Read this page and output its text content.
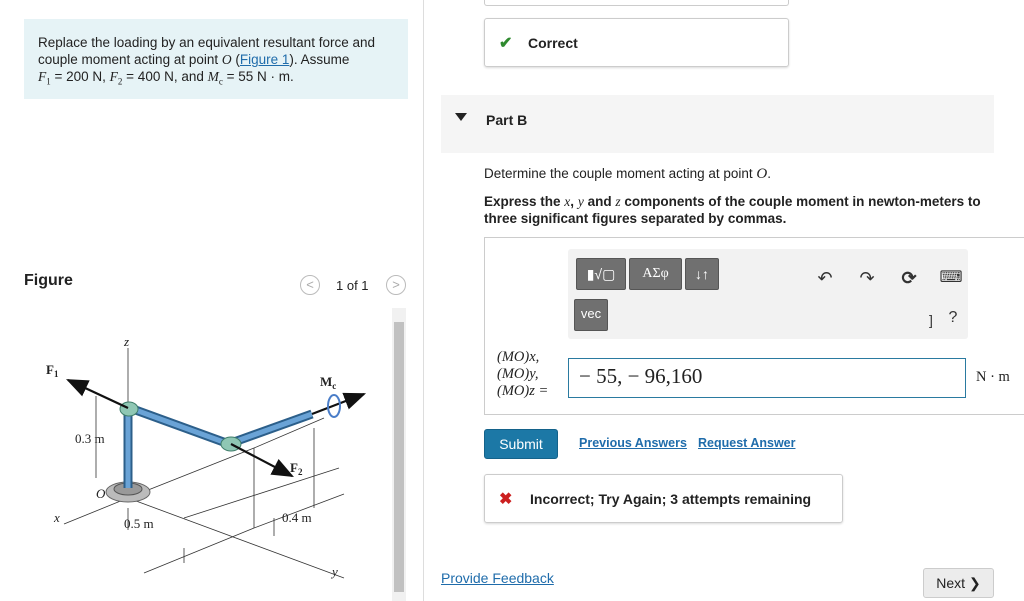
Replace the loading by an equivalent resultant force and couple moment acting at point O (Figure 1). Assume
$F_1 = 200$ N, $F_2 = 400$ N, and $M_c = 55$ N · m.
Figure	<	1 of 1	>
z
$F_1$	$M_c$
$F_2$
0.3 m
O
x	0.5 m	0.4 m
y
✔ Correct
Part B
Determine the couple moment acting at point O.
Express the x, y and z components of the couple moment in newton-meters to three significant figures separated by commas.
▮√▢	ΑΣφ	↓↑
vec
↶ ↷ ⟳ ⌨
] ?
(MO)x,
(MO)y,
(MO)z =
− 55, − 96,160	N · m
Submit	Previous Answers Request Answer
✖ Incorrect; Try Again; 3 attempts remaining
Provide Feedback	Next ❯
